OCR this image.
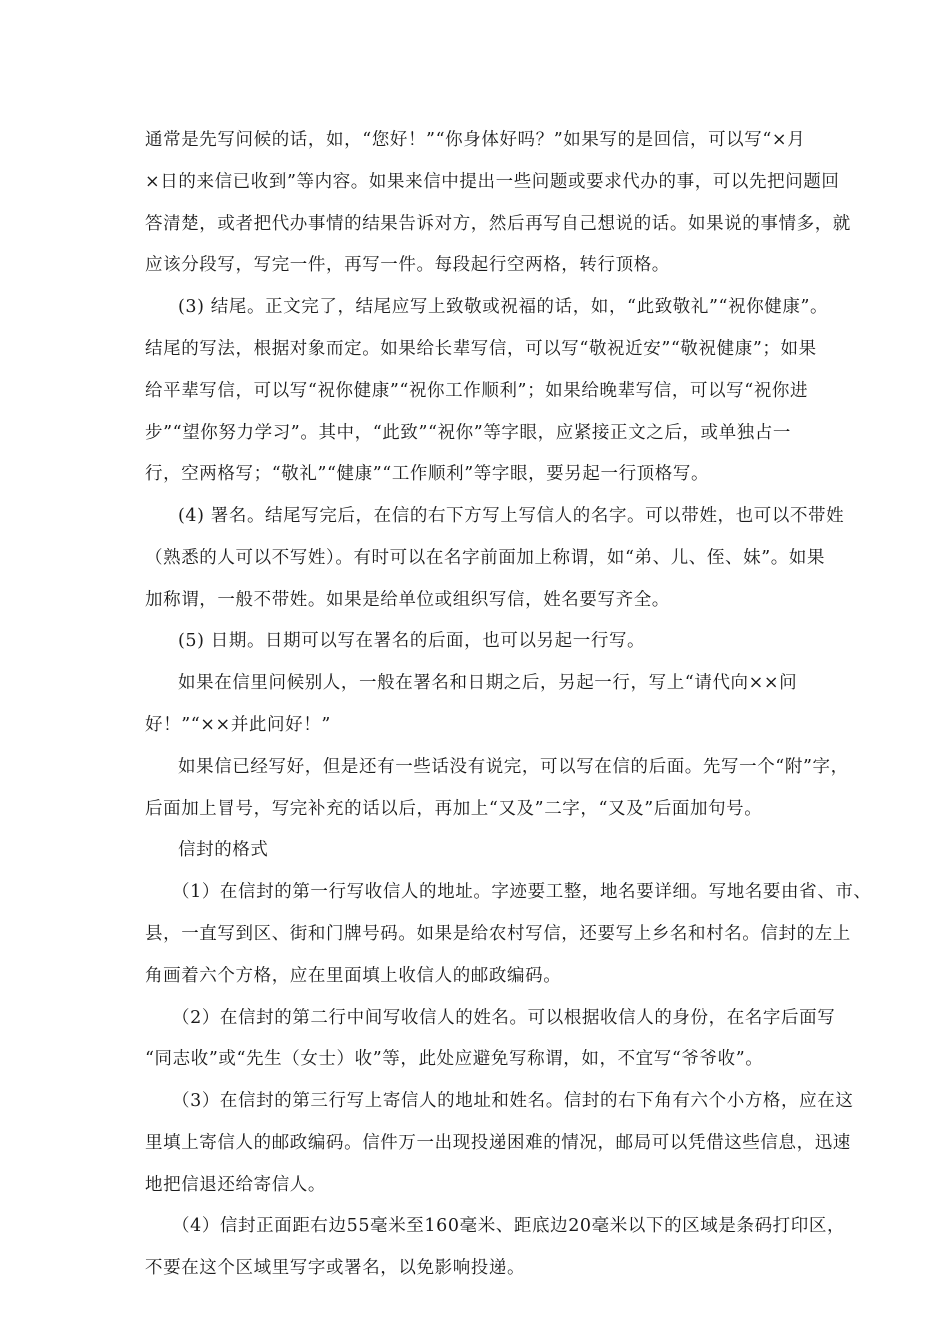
通常是先写问候的话，如，“您好！”“你身体好吗？”如果写的是回信，可以写“×月

×日的来信已收到”等内容。如果来信中提出一些问题或要求代办的事，可以先把问题回

答清楚，或者把代办事情的结果告诉对方，然后再写自己想说的话。如果说的事情多，就

应该分段写，写完一件，再写一件。每段起行空两格，转行顶格。

(3) 结尾。正文完了，结尾应写上致敬或祝福的话，如，“此致敬礼”“祝你健康”。

结尾的写法，根据对象而定。如果给长辈写信，可以写“敬祝近安”“敬祝健康”；如果

给平辈写信，可以写“祝你健康”“祝你工作顺利”；如果给晚辈写信，可以写“祝你进

步”“望你努力学习”。其中，“此致”“祝你”等字眼，应紧接正文之后，或单独占一

行，空两格写；“敬礼”“健康”“工作顺利”等字眼，要另起一行顶格写。

(4) 署名。结尾写完后，在信的右下方写上写信人的名字。可以带姓，也可以不带姓

（熟悉的人可以不写姓）。有时可以在名字前面加上称谓，如“弟、儿、侄、妹”。如果

加称谓，一般不带姓。如果是给单位或组织写信，姓名要写齐全。

(5) 日期。日期可以写在署名的后面，也可以另起一行写。

如果在信里问候别人，一般在署名和日期之后，另起一行，写上“请代向××问

好！”“××并此问好！”

如果信已经写好，但是还有一些话没有说完，可以写在信的后面。先写一个“附”字，

后面加上冒号，写完补充的话以后，再加上“又及”二字，“又及”后面加句号。

信封的格式

（1）在信封的第一行写收信人的地址。字迹要工整，地名要详细。写地名要由省、市、

县，一直写到区、街和门牌号码。如果是给农村写信，还要写上乡名和村名。信封的左上

角画着六个方格，应在里面填上收信人的邮政编码。

（2）在信封的第二行中间写收信人的姓名。可以根据收信人的身份，在名字后面写

“同志收”或“先生（女士）收”等，此处应避免写称谓，如，不宜写“爷爷收”。

（3）在信封的第三行写上寄信人的地址和姓名。信封的右下角有六个小方格，应在这

里填上寄信人的邮政编码。信件万一出现投递困难的情况，邮局可以凭借这些信息，迅速

地把信退还给寄信人。

（4）信封正面距右边55毫米至160毫米、距底边20毫米以下的区域是条码打印区，

不要在这个区域里写字或署名，以免影响投递。
